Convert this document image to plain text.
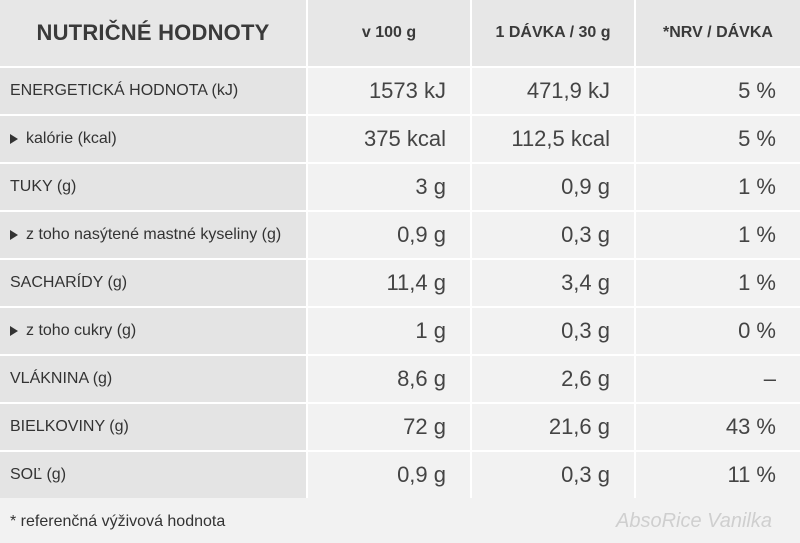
NUTRIČNÉ HODNOTY	v 100 g	1 DÁVKA / 30 g	*NRV / DÁVKA
ENERGETICKÁ HODNOTA (kJ)	1573 kJ	471,9 kJ	5 %
kalórie (kcal)	375 kcal	112,5 kcal	5 %
TUKY (g)	3 g	0,9 g	1 %
z toho nasýtené mastné kyseliny (g)	0,9 g	0,3 g	1 %
SACHARÍDY (g)	11,4 g	3,4 g	1 %
z toho cukry (g)	1 g	0,3 g	0 %
VLÁKNINA (g)	8,6 g	2,6 g	–
BIELKOVINY (g)	72 g	21,6 g	43 %
SOĽ (g)	0,9 g	0,3 g	11 %
* referenčná výživová hodnota	AbsoRice Vanilka
